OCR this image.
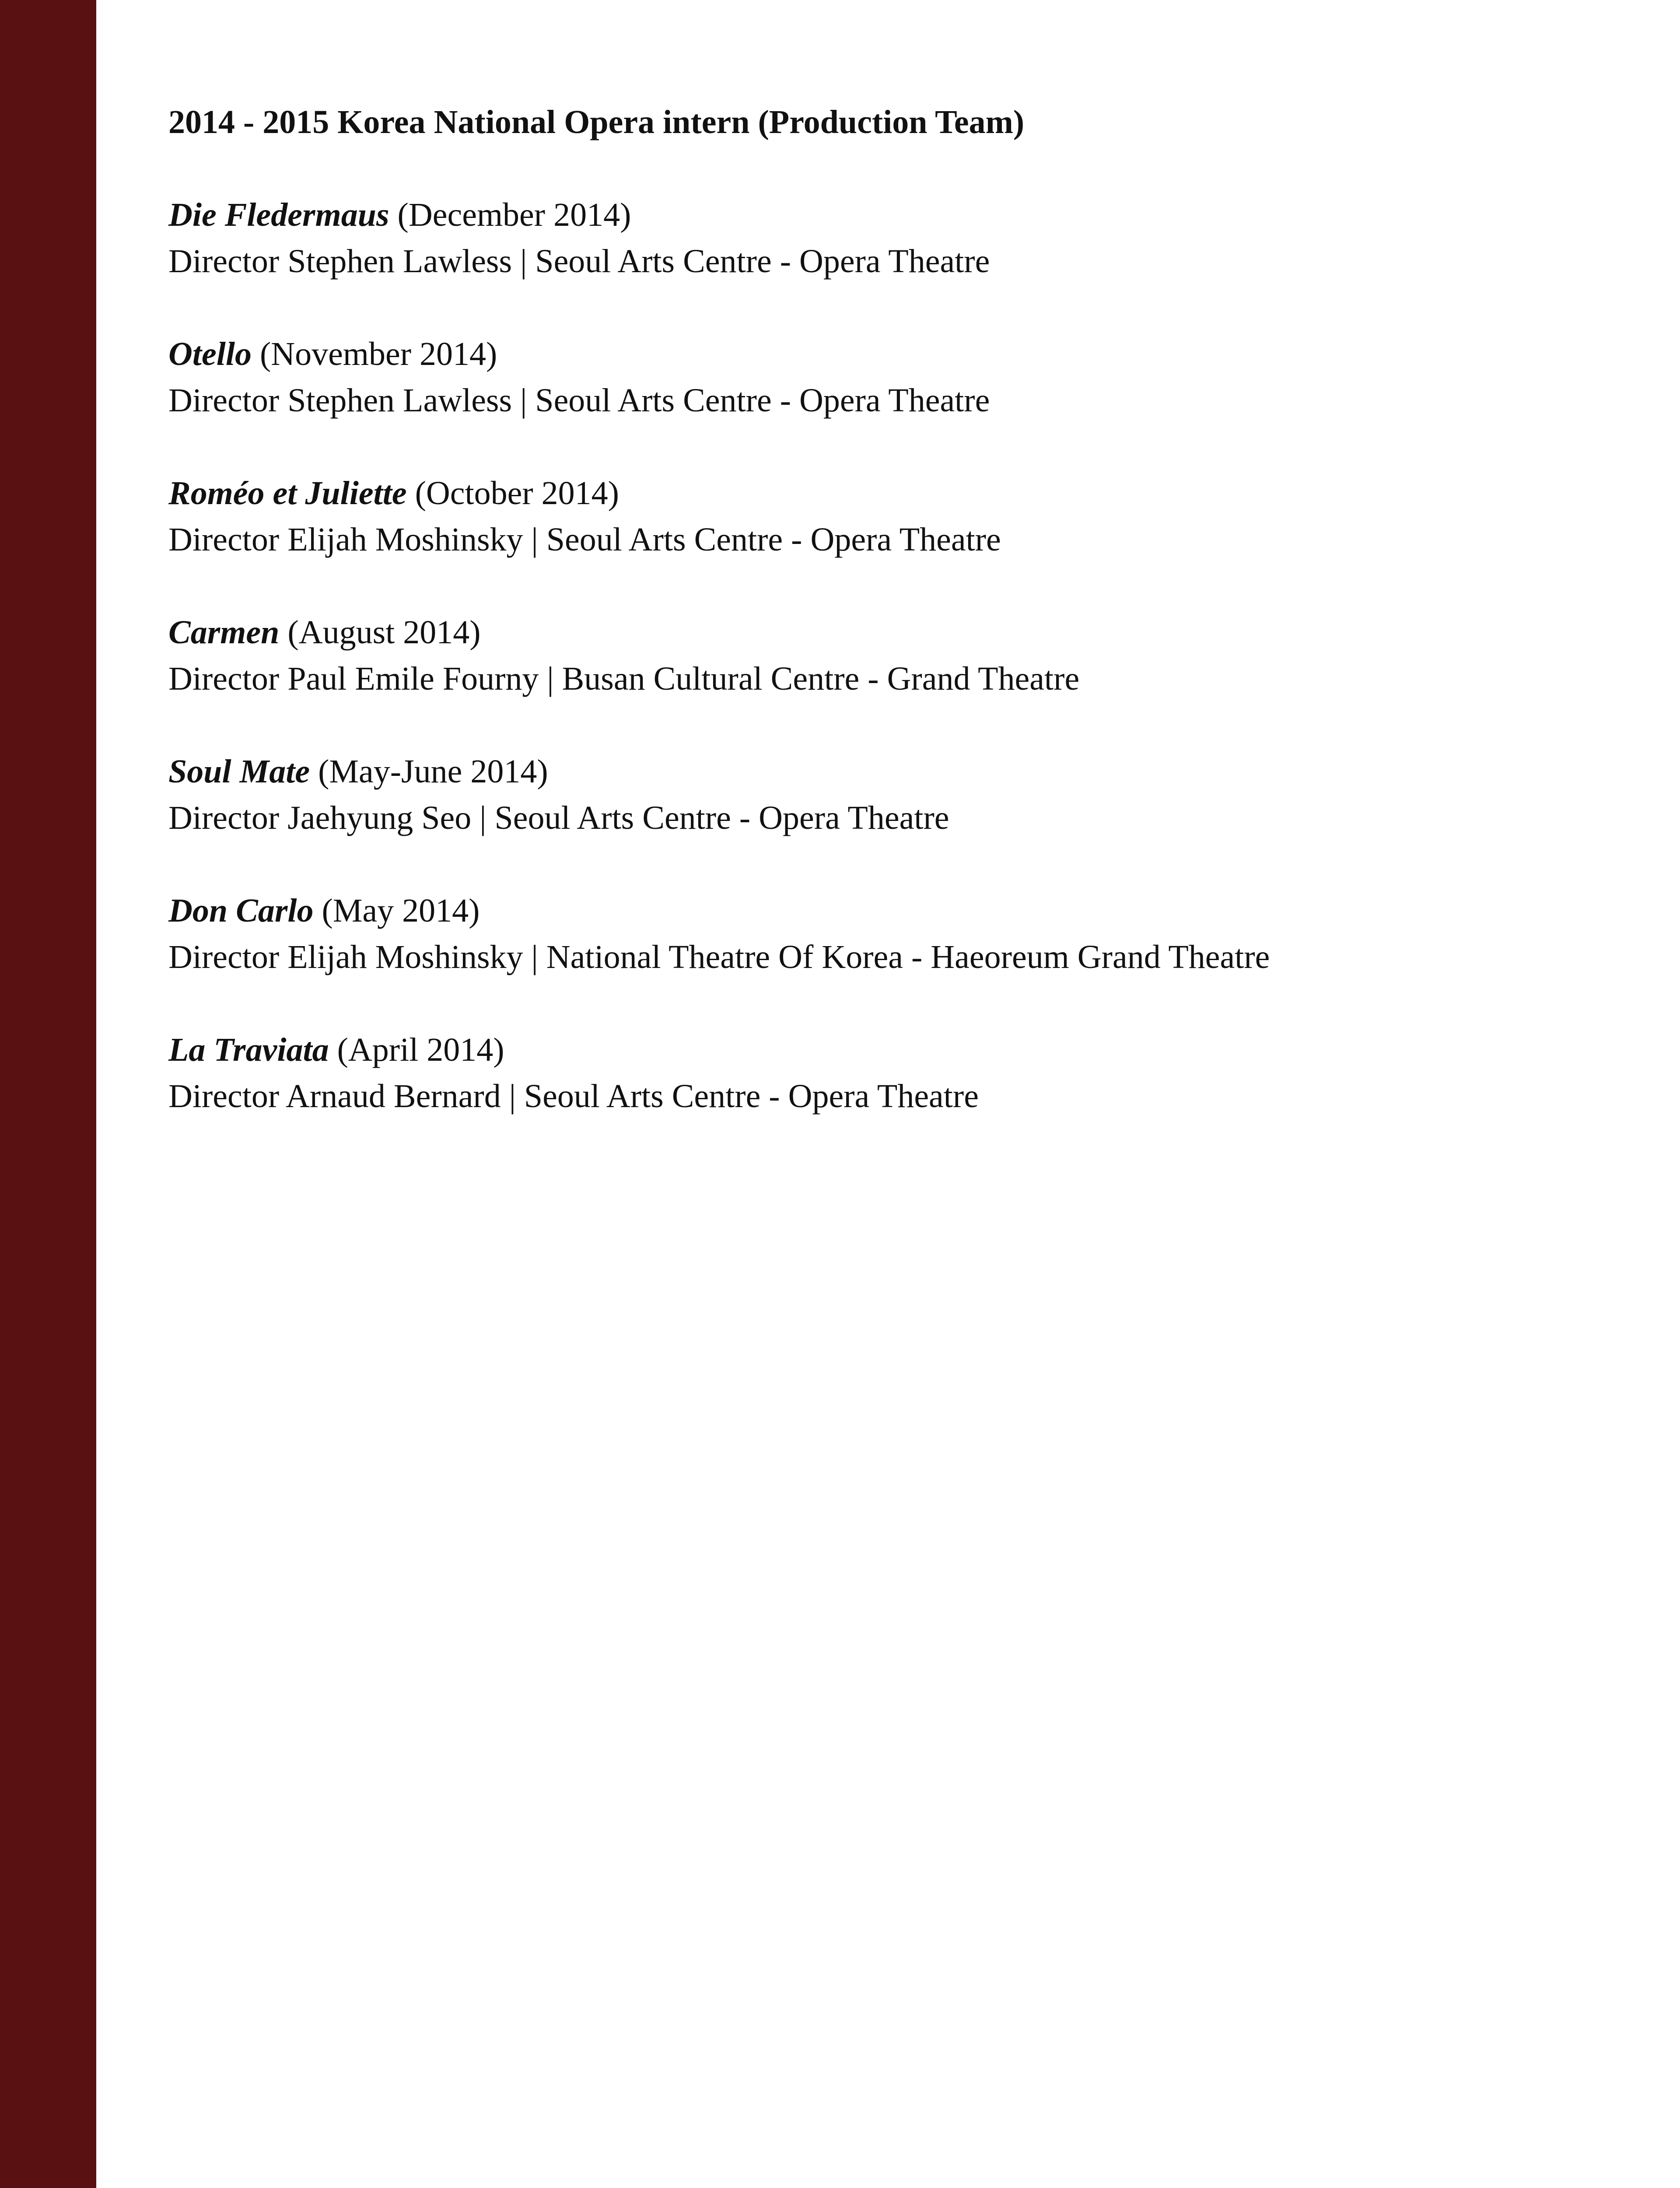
2014 - 2015 Korea National Opera intern (Production Team)
Die Fledermaus (December 2014)
Director Stephen Lawless | Seoul Arts Centre - Opera Theatre
Otello (November 2014)
Director Stephen Lawless | Seoul Arts Centre - Opera Theatre
Roméo et Juliette (October 2014)
Director Elijah Moshinsky | Seoul Arts Centre - Opera Theatre
Carmen (August 2014)
Director Paul Emile Fourny | Busan Cultural Centre - Grand Theatre
Soul Mate (May-June 2014)
Director Jaehyung Seo | Seoul Arts Centre - Opera Theatre
Don Carlo (May 2014)
Director Elijah Moshinsky | National Theatre Of Korea - Haeoreum Grand Theatre
La Traviata (April 2014)
Director Arnaud Bernard | Seoul Arts Centre - Opera Theatre
